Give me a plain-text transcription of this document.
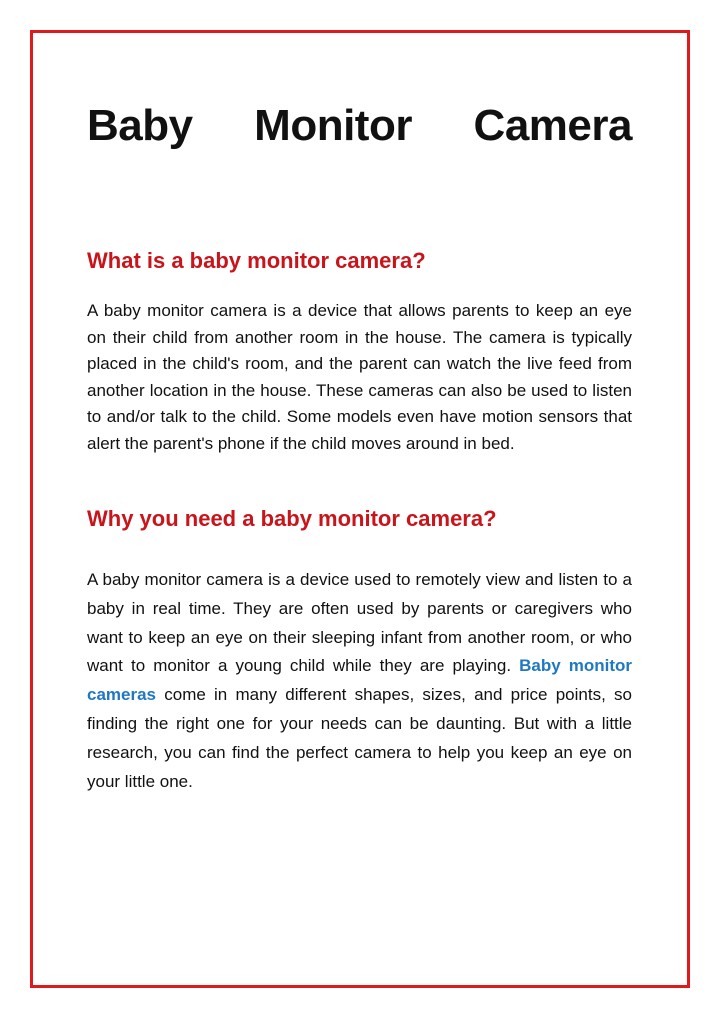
Baby Monitor Camera
What is a baby monitor camera?

A baby monitor camera is a device that allows parents to keep an eye on their child from another room in the house. The camera is typically placed in the child's room, and the parent can watch the live feed from another location in the house. These cameras can also be used to listen to and/or talk to the child. Some models even have motion sensors that alert the parent's phone if the child moves around in bed.

Why you need a baby monitor camera?

A baby monitor camera is a device used to remotely view and listen to a baby in real time. They are often used by parents or caregivers who want to keep an eye on their sleeping infant from another room, or who want to monitor a young child while they are playing. Baby monitor cameras come in many different shapes, sizes, and price points, so finding the right one for your needs can be daunting. But with a little research, you can find the perfect camera to help you keep an eye on your little one.
